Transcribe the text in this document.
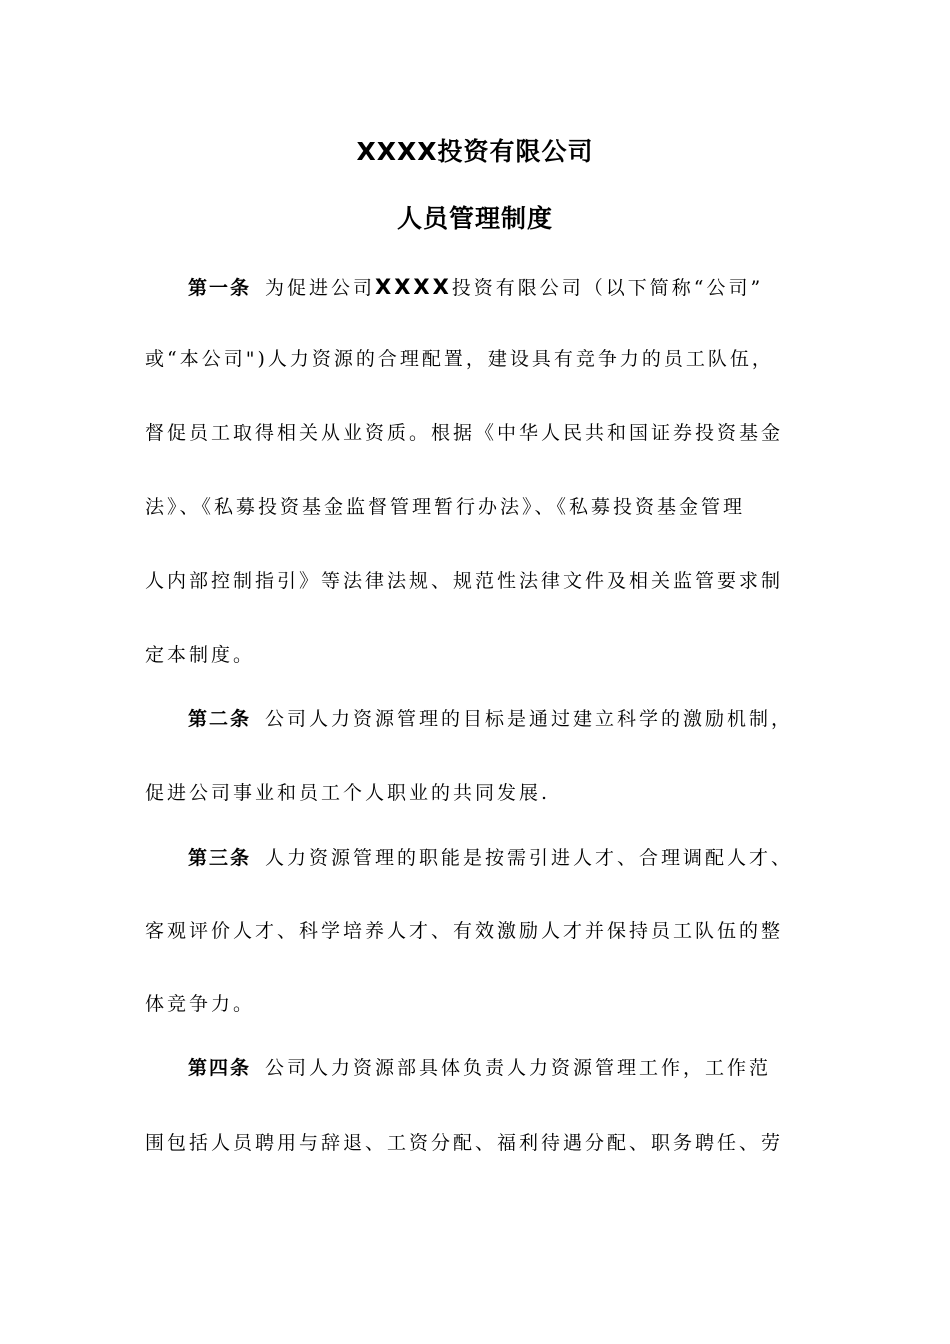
XXXX投资有限公司
人员管理制度
第一条 为促进公司XXXX投资有限公司（以下简称“公司”
或“本公司")人力资源的合理配置，建设具有竞争力的员工队伍，
督促员工取得相关从业资质。根据《中华人民共和国证券投资基金
法》、《私募投资基金监督管理暂行办法》、《私募投资基金管理
人内部控制指引》等法律法规、规范性法律文件及相关监管要求制
定本制度。
第二条 公司人力资源管理的目标是通过建立科学的激励机制，
促进公司事业和员工个人职业的共同发展.
第三条 人力资源管理的职能是按需引进人才、合理调配人才、
客观评价人才、科学培养人才、有效激励人才并保持员工队伍的整
体竞争力。
第四条 公司人力资源部具体负责人力资源管理工作，工作范
围包括人员聘用与辞退、工资分配、福利待遇分配、职务聘任、劳
